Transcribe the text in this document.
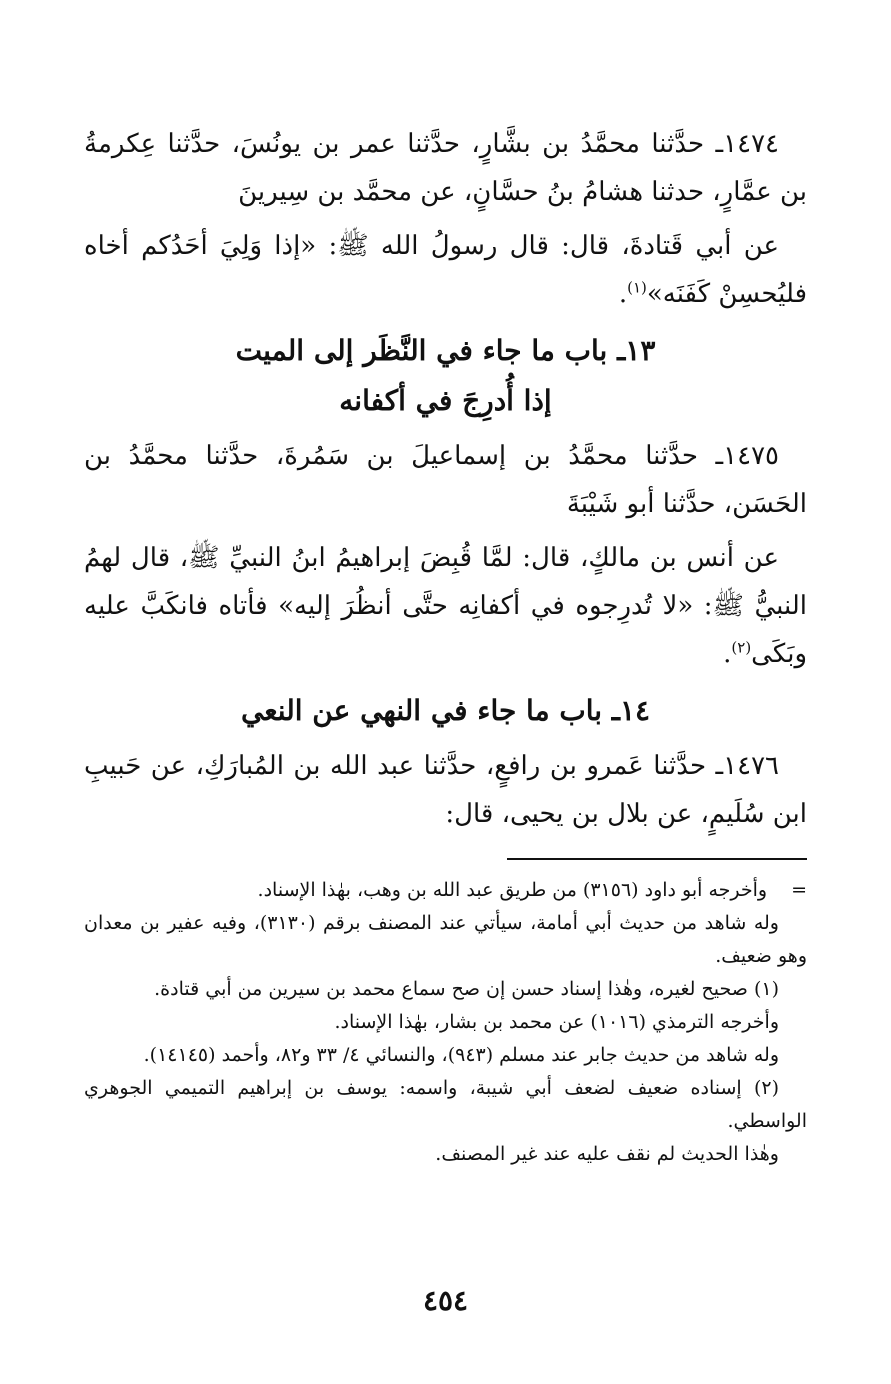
١٤٧٤ـ حدَّثنا محمَّدُ بن بشَّارٍ، حدَّثنا عمر بن يونُسَ، حدَّثنا عِكرمةُ بن عمَّارٍ، حدثنا هشامُ بنُ حسَّانٍ، عن محمَّد بن سِيرينَ

عن أبي قَتادةَ، قال: قال رسولُ الله ﷺ: «إذا وَلِيَ أحَدُكم أخاه فليُحسِنْ كَفَنَه»$^{(١)}$.

١٣ـ باب ما جاء في النَّظَر إلى الميت
إذا أُدرِجَ في أكفانه

١٤٧٥ـ حدَّثنا محمَّدُ بن إسماعيلَ بن سَمُرةَ، حدَّثنا محمَّدُ بن الحَسَن، حدَّثنا أبو شَيْبَةَ

عن أنس بن مالكٍ، قال: لمَّا قُبِضَ إبراهيمُ ابنُ النبيِّ ﷺ، قال لهمُ النبيُّ ﷺ: «لا تُدرِجوه في أكفانِه حتَّى أنظُرَ إليه» فأتاه فانكَبَّ عليه وبَكَى$^{(٢)}$.

١٤ـ باب ما جاء في النهي عن النعي

١٤٧٦ـ حدَّثنا عَمرو بن رافعٍ، حدَّثنا عبد الله بن المُبارَكِ، عن حَبيبِ ابن سُلَيمٍ، عن بلال بن يحيى، قال:

=وأخرجه أبو داود (٣١٥٦) من طريق عبد الله بن وهب، بهٰذا الإسناد.

وله شاهد من حديث أبي أمامة، سيأتي عند المصنف برقم (٣١٣٠)، وفيه عفير بن معدان وهو ضعيف.

(١) صحيح لغيره، وهٰذا إسناد حسن إن صح سماع محمد بن سيرين من أبي قتادة.

وأخرجه الترمذي (١٠١٦) عن محمد بن بشار، بهٰذا الإسناد.

وله شاهد من حديث جابر عند مسلم (٩٤٣)، والنسائي ٤/ ٣٣ و٨٢، وأحمد (١٤١٤٥).

(٢) إسناده ضعيف لضعف أبي شيبة، واسمه: يوسف بن إبراهيم التميمي الجوهري الواسطي.

وهٰذا الحديث لم نقف عليه عند غير المصنف.

٤٥٤
